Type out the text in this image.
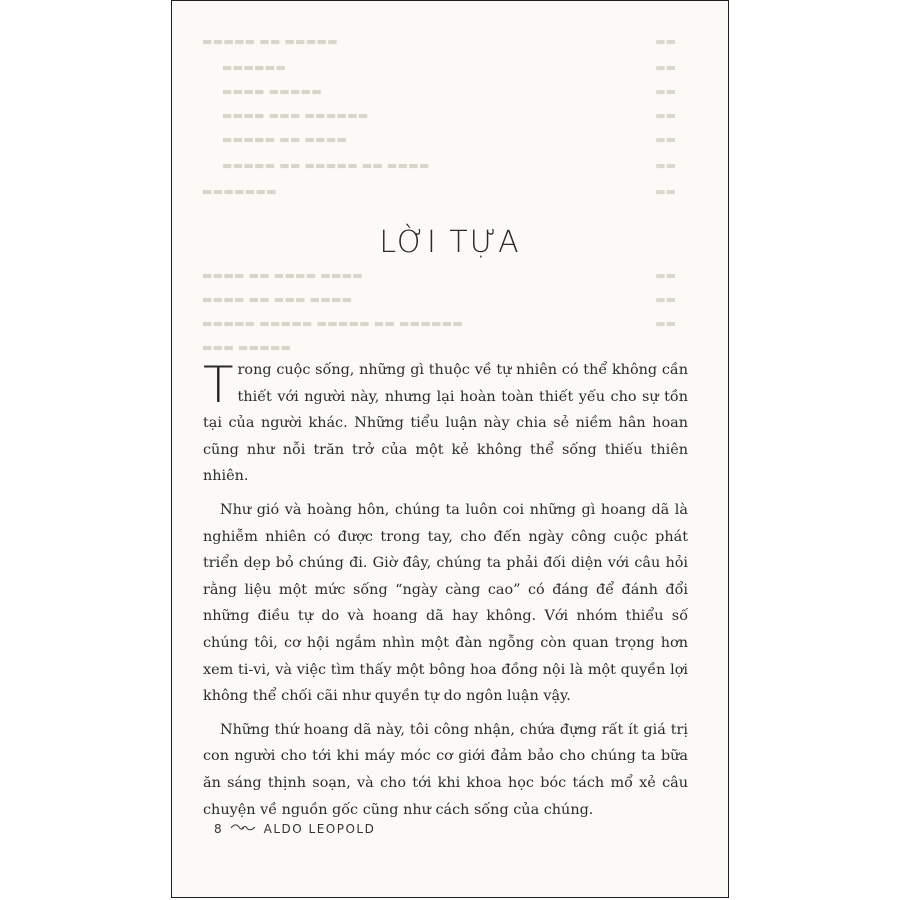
▬▬▬▬▬ ▬▬ ▬▬▬▬▬
▬▬▬▬▬▬
▬▬▬▬ ▬▬▬▬▬
▬▬▬▬ ▬▬▬ ▬▬▬▬▬▬
▬▬▬▬▬ ▬▬ ▬▬▬▬
▬▬▬▬▬ ▬▬ ▬▬▬▬▬ ▬▬ ▬▬▬▬
▬▬▬▬▬▬▬
▬▬▬▬ ▬▬ ▬▬▬▬ ▬▬▬▬
▬▬▬▬ ▬▬ ▬▬▬ ▬▬▬▬
▬▬▬▬▬ ▬▬▬▬▬ ▬▬▬▬▬ ▬▬ ▬▬▬▬▬▬
▬▬▬ ▬▬▬▬▬
▬▬
▬▬
▬▬
▬▬
▬▬
▬▬
▬▬
▬▬
▬▬
▬▬
LỜI TỰA

Trong cuộc sống, những gì thuộc về tự nhiên có thể không cần thiết với người này, nhưng lại hoàn toàn thiết yếu cho sự tồn tại của người khác. Những tiểu luận này chia sẻ niềm hân hoan cũng như nỗi trăn trở của một kẻ không thể sống thiếu thiên nhiên.

Như gió và hoàng hôn, chúng ta luôn coi những gì hoang dã là nghiễm nhiên có được trong tay, cho đến ngày công cuộc phát triển dẹp bỏ chúng đi. Giờ đây, chúng ta phải đối diện với câu hỏi rằng liệu một mức sống “ngày càng cao” có đáng để đánh đổi những điều tự do và hoang dã hay không. Với nhóm thiểu số chúng tôi, cơ hội ngắm nhìn một đàn ngỗng còn quan trọng hơn xem ti-vi, và việc tìm thấy một bông hoa đồng nội là một quyền lợi không thể chối cãi như quyền tự do ngôn luận vậy.

Những thứ hoang dã này, tôi công nhận, chứa đựng rất ít giá trị con người cho tới khi máy móc cơ giới đảm bảo cho chúng ta bữa ăn sáng thịnh soạn, và cho tới khi khoa học bóc tách mổ xẻ câu chuyện về nguồn gốc cũng như cách sống của chúng.

8	ALDO LEOPOLD
